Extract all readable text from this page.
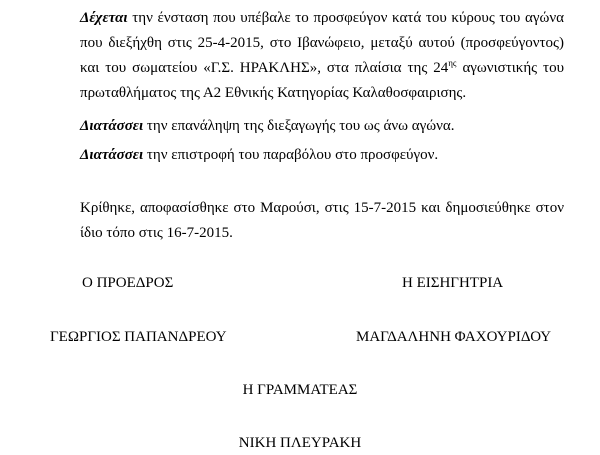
Δέχεται την ένσταση που υπέβαλε το προσφεύγον κατά του κύρους του αγώνα που διεξήχθη στις 25-4-2015, στο Ιβανώφειο, μεταξύ αυτού (προσφεύγοντος) και του σωματείου «Γ.Σ. ΗΡΑΚΛΗΣ», στα πλαίσια της $24^{\eta\varsigma}$ αγωνιστικής του πρωταθλήματος της Α2 Εθνικής Κατηγορίας Καλαθοσφαιρισης.

Διατάσσει την επανάληψη της διεξαγωγής του ως άνω αγώνα.

Διατάσσει την επιστροφή του παραβόλου στο προσφεύγον.

Κρίθηκε, αποφασίσθηκε στο Μαρούσι, στις 15-7-2015 και δημοσιεύθηκε στον ίδιο τόπο στις 16-7-2015.

Ο ΠΡΟΕΔΡΟΣ	Η ΕΙΣΗΓΗΤΡΙΑ
ΓΕΩΡΓΙΟΣ ΠΑΠΑΝΔΡΕΟΥ	ΜΑΓΔΑΛΗΝΗ ΦΑΧΟΥΡΙΔΟΥ
Η ΓΡΑΜΜΑΤΕΑΣ
ΝΙΚΗ ΠΛΕΥΡΑΚΗ
